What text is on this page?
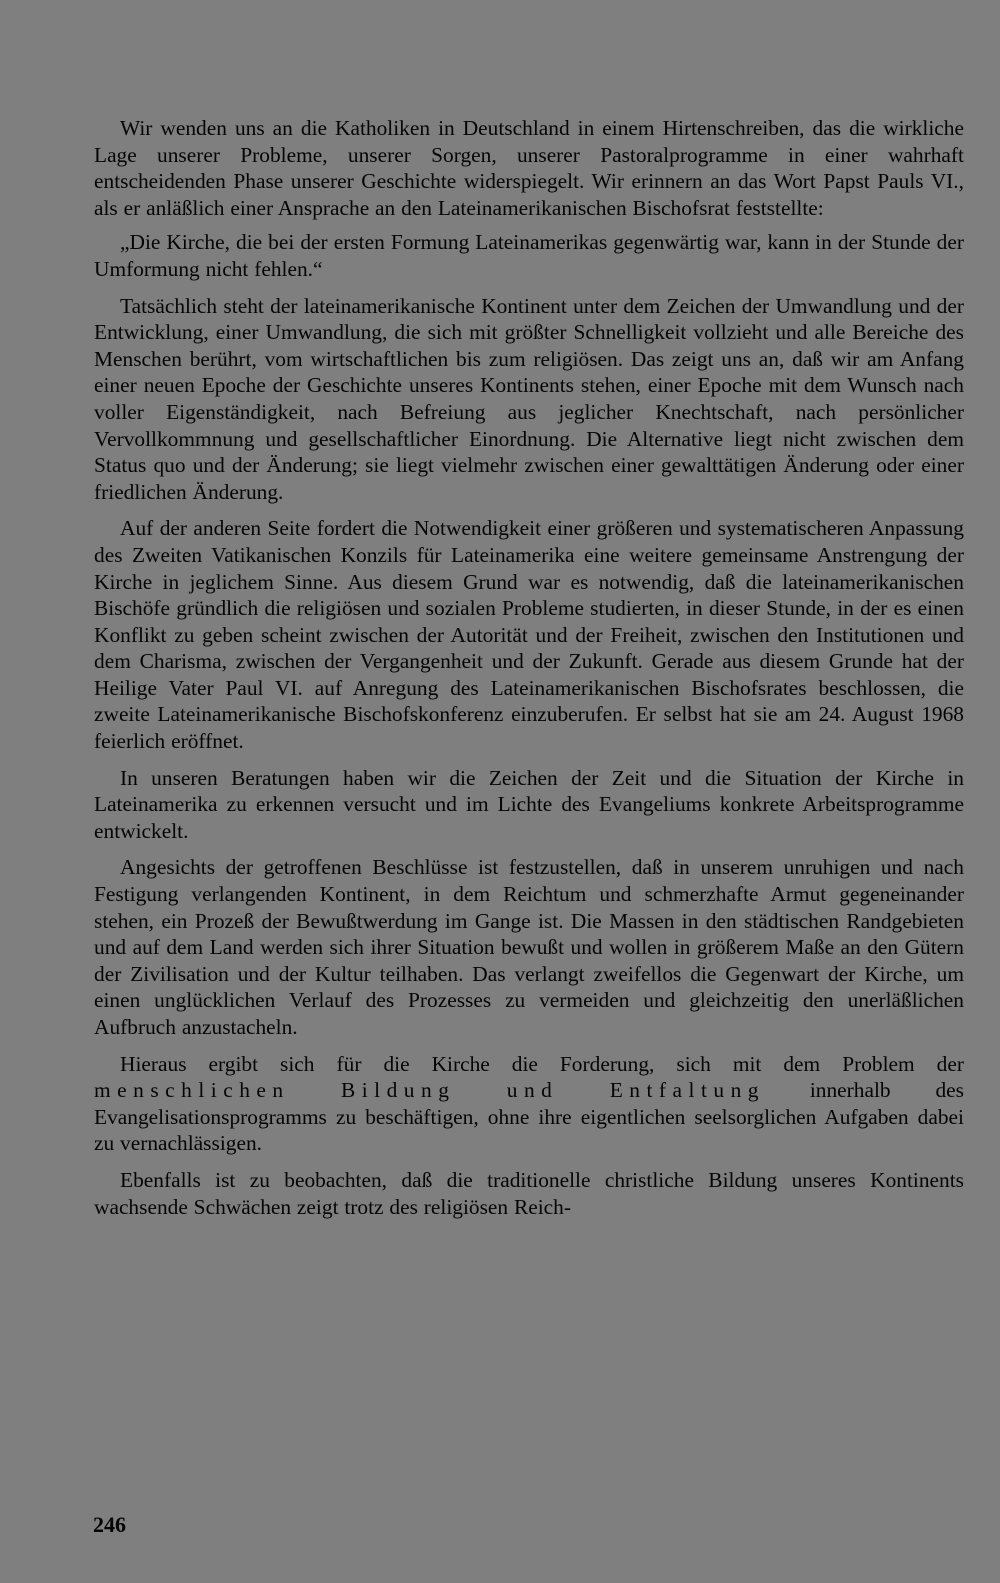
Wir wenden uns an die Katholiken in Deutschland in einem Hirtenschreiben, das die wirkliche Lage unserer Probleme, unserer Sorgen, unserer Pastoralprogramme in einer wahrhaft entscheidenden Phase unserer Geschichte widerspiegelt. Wir erinnern an das Wort Papst Pauls VI., als er anläßlich einer Ansprache an den Lateinamerikanischen Bischofsrat feststellte:

„Die Kirche, die bei der ersten Formung Lateinamerikas gegenwärtig war, kann in der Stunde der Umformung nicht fehlen.“

Tatsächlich steht der lateinamerikanische Kontinent unter dem Zeichen der Umwandlung und der Entwicklung, einer Umwandlung, die sich mit größter Schnelligkeit vollzieht und alle Bereiche des Menschen berührt, vom wirtschaftlichen bis zum religiösen. Das zeigt uns an, daß wir am Anfang einer neuen Epoche der Geschichte unseres Kontinents stehen, einer Epoche mit dem Wunsch nach voller Eigenständigkeit, nach Befreiung aus jeglicher Knechtschaft, nach persönlicher Vervollkommnung und gesellschaftlicher Einordnung. Die Alternative liegt nicht zwischen dem Status quo und der Änderung; sie liegt vielmehr zwischen einer gewalttätigen Änderung oder einer friedlichen Änderung.

Auf der anderen Seite fordert die Notwendigkeit einer größeren und systematischeren Anpassung des Zweiten Vatikanischen Konzils für Lateinamerika eine weitere gemeinsame Anstrengung der Kirche in jeglichem Sinne. Aus diesem Grund war es notwendig, daß die lateinamerikanischen Bischöfe gründlich die religiösen und sozialen Probleme studierten, in dieser Stunde, in der es einen Konflikt zu geben scheint zwischen der Autorität und der Freiheit, zwischen den Institutionen und dem Charisma, zwischen der Vergangenheit und der Zukunft. Gerade aus diesem Grunde hat der Heilige Vater Paul VI. auf Anregung des Lateinamerikanischen Bischofsrates beschlossen, die zweite Lateinamerikanische Bischofskonferenz einzuberufen. Er selbst hat sie am 24. August 1968 feierlich eröffnet.

In unseren Beratungen haben wir die Zeichen der Zeit und die Situation der Kirche in Lateinamerika zu erkennen versucht und im Lichte des Evangeliums konkrete Arbeitsprogramme entwickelt.

Angesichts der getroffenen Beschlüsse ist festzustellen, daß in unserem unruhigen und nach Festigung verlangenden Kontinent, in dem Reichtum und schmerzhafte Armut gegeneinander stehen, ein Prozeß der Bewußtwerdung im Gange ist. Die Massen in den städtischen Randgebieten und auf dem Land werden sich ihrer Situation bewußt und wollen in größerem Maße an den Gütern der Zivilisation und der Kultur teilhaben. Das verlangt zweifellos die Gegenwart der Kirche, um einen unglücklichen Verlauf des Prozesses zu vermeiden und gleichzeitig den unerläßlichen Aufbruch anzustacheln.

Hieraus ergibt sich für die Kirche die Forderung, sich mit dem Problem der menschlichen Bildung und Entfaltung innerhalb des Evangelisationsprogramms zu beschäftigen, ohne ihre eigentlichen seelsorglichen Aufgaben dabei zu vernachlässigen.

Ebenfalls ist zu beobachten, daß die traditionelle christliche Bildung unseres Kontinents wachsende Schwächen zeigt trotz des religiösen Reich-

246
